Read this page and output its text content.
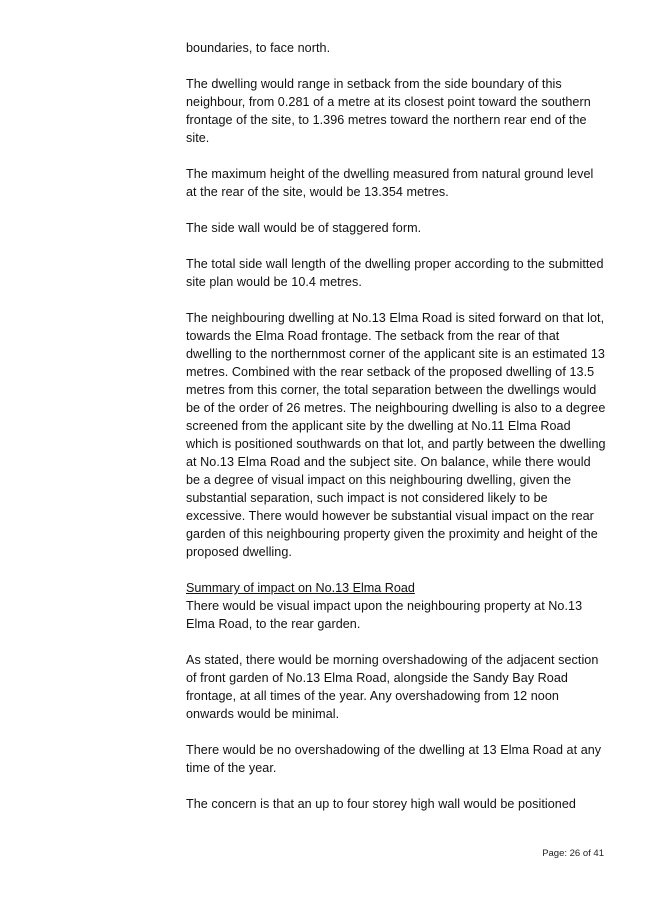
boundaries, to face north.

The dwelling would range in setback from the side boundary of this neighbour, from 0.281 of a metre at its closest point toward the southern frontage of the site, to 1.396 metres toward the northern rear end of the site.

The maximum height of the dwelling measured from natural ground level at the rear of the site, would be 13.354 metres.

The side wall would be of staggered form.

The total side wall length of the dwelling proper according to the submitted site plan would be 10.4 metres.

The neighbouring dwelling at No.13 Elma Road is sited forward on that lot, towards the Elma Road frontage. The setback from the rear of that dwelling to the northernmost corner of the applicant site is an estimated 13 metres. Combined with the rear setback of the proposed dwelling of 13.5 metres from this corner, the total separation between the dwellings would be of the order of 26 metres. The neighbouring dwelling is also to a degree screened from the applicant site by the dwelling at No.11 Elma Road which is positioned southwards on that lot, and partly between the dwelling at No.13 Elma Road and the subject site. On balance, while there would be a degree of visual impact on this neighbouring dwelling, given the substantial separation, such impact is not considered likely to be excessive. There would however be substantial visual impact on the rear garden of this neighbouring property given the proximity and height of the proposed dwelling.

Summary of impact on No.13 Elma Road

There would be visual impact upon the neighbouring property at No.13 Elma Road, to the rear garden.

As stated, there would be morning overshadowing of the adjacent section of front garden of No.13 Elma Road, alongside the Sandy Bay Road frontage, at all times of the year. Any overshadowing from 12 noon onwards would be minimal.

There would be no overshadowing of the dwelling at 13 Elma Road at any time of the year.

The concern is that an up to four storey high wall would be positioned

Page: 26 of 41
